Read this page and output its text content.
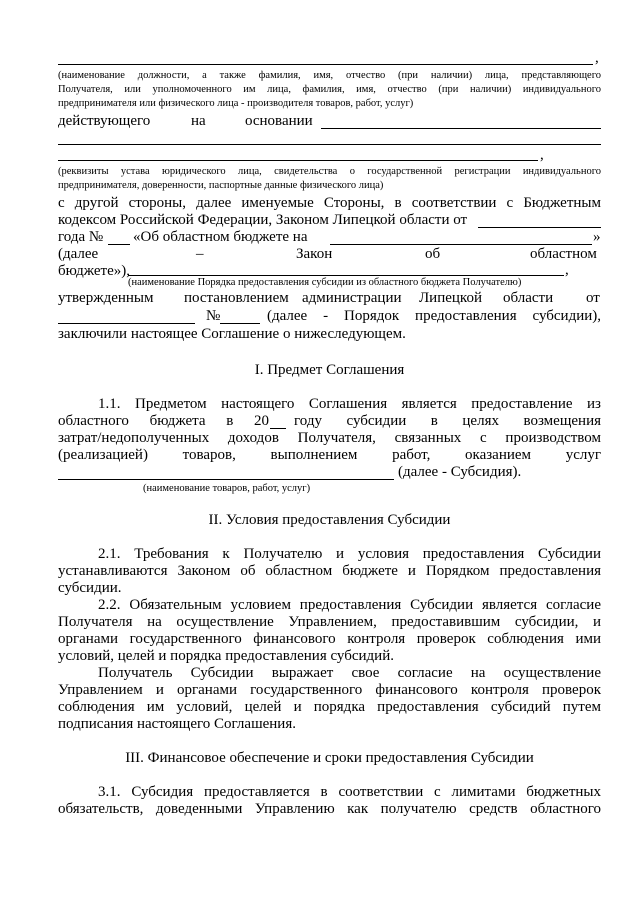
,
(наименование должности, а также фамилия, имя, отчество (при наличии) лица, представляющего
Получателя, или уполномоченного им лица, фамилия, имя, отчество (при наличии) индивидуального
предпринимателя или физического лица - производителя товаров, работ, услуг)
действующего	на	основании
,
(реквизиты устава юридического лица, свидетельства о государственной регистрации индивидуального
предпринимателя, доверенности, паспортные данные физического лица)
с другой стороны, далее именуемые Стороны, в соответствии с Бюджетным
кодексом Российской Федерации, Законом Липецкой области от
года № «Об областном бюджете на	»
(далее	–	Закон	об	областном
бюджете»),	,
(наименование Порядка предоставления субсидии из областного бюджета Получателю)
утвержденным постановлением администрации Липецкой области от
№	(далее - Порядок предоставления субсидии),
заключили настоящее Соглашение о нижеследующем.
I. Предмет Соглашения
1.1. Предметом настоящего Соглашения является предоставление из
областного бюджета в 20 году субсидии в целях возмещения
затрат/недополученных доходов Получателя, связанных с производством
(реализацией) товаров, выполнением работ, оказанием услуг
(далее - Субсидия).
(наименование товаров, работ, услуг)
II. Условия предоставления Субсидии
2.1. Требования к Получателю и условия предоставления Субсидии
устанавливаются Законом об областном бюджете и Порядком предоставления
субсидии.
2.2. Обязательным условием предоставления Субсидии является согласие
Получателя на осуществление Управлением, предоставившим субсидии, и
органами государственного финансового контроля проверок соблюдения ими
условий, целей и порядка предоставления субсидий.
Получатель Субсидии выражает свое согласие на осуществление
Управлением и органами государственного финансового контроля проверок
соблюдения им условий, целей и порядка предоставления субсидий путем
подписания настоящего Соглашения.
III. Финансовое обеспечение и сроки предоставления Субсидии
3.1. Субсидия предоставляется в соответствии с лимитами бюджетных
обязательств, доведенными Управлению как получателю средств областного
